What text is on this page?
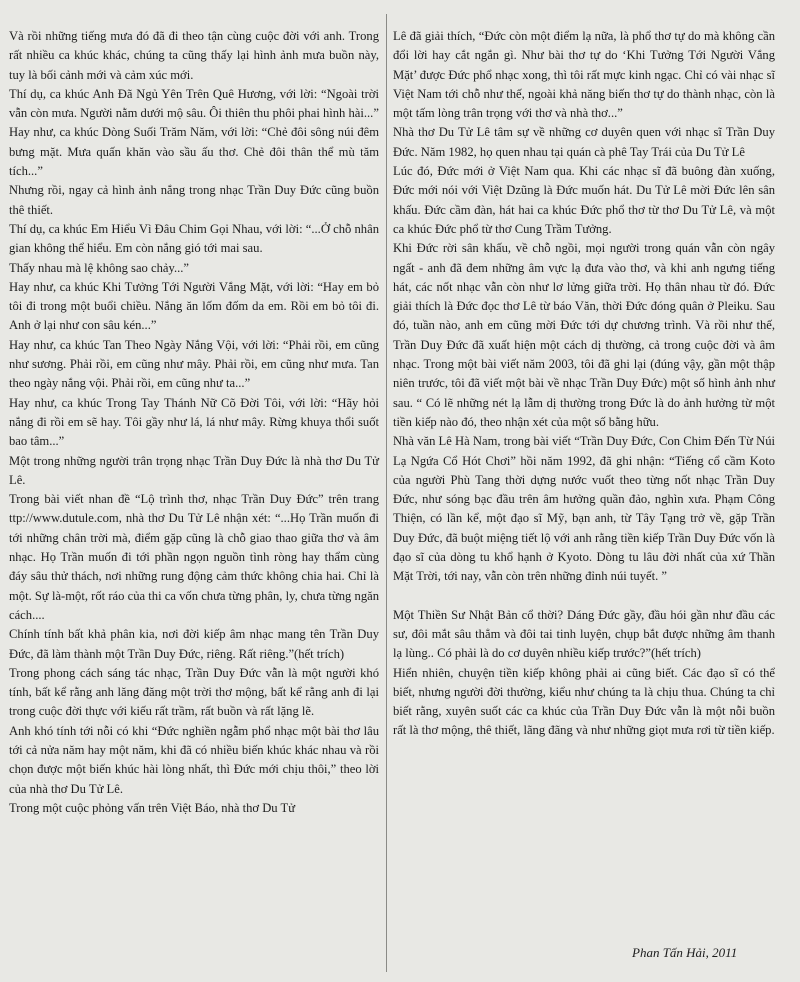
Và rồi những tiếng mưa đó đã đi theo tận cùng cuộc đời với anh. Trong rất nhiều ca khúc khác, chúng ta cũng thấy lại hình ảnh mưa buồn này, tuy là bối cảnh mới và cảm xúc mới.

Thí dụ, ca khúc Anh Đã Ngủ Yên Trên Quê Hương, với lời: “Ngoài trời vẫn còn mưa. Người nằm dưới mộ sâu. Ôi thiên thu phôi phai hình hài...”

Hay như, ca khúc Dòng Suối Trăm Năm, với lời: “Chẻ đôi sông núi đêm bưng mặt. Mưa quấn khăn vào sầu ấu thơ. Chẻ đôi thân thể mù tăm tích...”

Nhưng rồi, ngay cả hình ảnh nắng trong nhạc Trần Duy Đức cũng buồn thê thiết.

Thí dụ, ca khúc Em Hiểu Vì Đâu Chim Gọi Nhau, với lời: “...Ở chỗ nhân gian không thể hiểu. Em còn nắng gió tới mai sau.

Thấy nhau mà lệ không sao chảy...”

Hay như, ca khúc Khi Tưởng Tới Người Vắng Mặt, với lời: “Hay em bỏ tôi đi trong một buổi chiều. Nắng ăn lốm đốm da em. Rồi em bỏ tôi đi. Anh ở lại như con sâu kén...”

Hay như, ca khúc Tan Theo Ngày Nắng Vội, với lời: “Phải rồi, em cũng như sương. Phải rồi, em cũng như mây. Phải rồi, em cũng như mưa. Tan theo ngày nắng vội. Phải rồi, em cũng như ta...”

Hay như, ca khúc Trong Tay Thánh Nữ Cõ Đời Tôi, với lời: “Hãy hỏi nắng đi rồi em sẽ hay. Tôi gầy như lá, lá như mây. Rừng khuya thổi suốt bao tâm...”

Một trong những người trân trọng nhạc Trần Duy Đức là nhà thơ Du Tử Lê.

Trong bài viết nhan đề “Lộ trình thơ, nhạc Trần Duy Đức” trên trang ttp://www.dutule.com, nhà thơ Du Tử Lê nhận xét: “...Họ Trần muốn đi tới những chân trời mà, điểm gặp cũng là chỗ giao thao giữa thơ và âm nhạc. Họ Trần muốn đi tới phần ngọn nguồn tình ròng hay thẩm cùng đáy sâu thử thách, nơi những rung động cảm thức không chia hai. Chỉ là một. Sự là-một, rốt ráo của thi ca vốn chưa từng phân, ly, chưa từng ngăn cách....

Chính tính bất khả phân kia, nơi đời kiếp âm nhạc mang tên Trần Duy Đức, đã làm thành một Trần Duy Đức, riêng. Rất riêng.”(hết trích)

Trong phong cách sáng tác nhạc, Trần Duy Đức vẫn là một người khó tính, bất kể rằng anh lăng đăng một trời thơ mộng, bất kể rằng anh đi lại trong cuộc đời thực với kiếu rất trầm, rất buồn và rất lặng lẽ.

Anh khó tính tới nỗi có khi “Đức nghiền ngẫm phổ nhạc một bài thơ lâu tới cả nửa năm hay một năm, khi đã có nhiều biến khúc khác nhau và rồi chọn được một biến khúc hài lòng nhất, thì Đức mới chịu thôi,” theo lời của nhà thơ Du Tử Lê.

Trong một cuộc phỏng vấn trên Việt Báo, nhà thơ Du Tử

Lê đã giải thích, “Đức còn một điểm lạ nữa, là phổ thơ tự do mà không cần đổi lời hay cắt ngắn gì. Như bài thơ tự do ‘Khi Tưởng Tới Người Vắng Mặt’ được Đức phổ nhạc xong, thì tôi rất mực kinh ngạc. Chỉ có vài nhạc sĩ Việt Nam tới chỗ như thế, ngoài khả năng biến thơ tự do thành nhạc, còn là một tấm lòng trân trọng với thơ và nhà thơ...”

Nhà thơ Du Tử Lê tâm sự về những cơ duyên quen với nhạc sĩ Trần Duy Đức. Năm 1982, họ quen nhau tại quán cà phê Tay Trái của Du Tử Lê

Lúc đó, Đức mới ở Việt Nam qua. Khi các nhạc sĩ đã buông đàn xuống, Đức mới nói với Việt Dzũng là Đức muốn hát. Du Tử Lê mời Đức lên sân khấu. Đức cầm đàn, hát hai ca khúc Đức phổ thơ từ thơ Du Tử Lê, và một ca khúc Đức phổ từ thơ Cung Trầm Tưởng.

Khi Đức rời sân khấu, về chỗ ngồi, mọi người trong quán vẫn còn ngây ngất - anh đã đem những âm vực lạ đưa vào thơ, và khi anh ngưng tiếng hát, các nốt nhạc vẫn còn như lơ lửng giữa trời. Họ thân nhau từ đó. Đức giải thích là Đức đọc thơ Lê từ báo Văn, thời Đức đóng quân ở Pleiku. Sau đó, tuần nào, anh em cũng mời Đức tới dự chương trình. Và rồi như thế, Trần Duy Đức đã xuất hiện một cách dị thường, cả trong cuộc đời và âm nhạc. Trong một bài viết năm 2003, tôi đã ghi lại (đúng vậy, gần một thập niên trước, tôi đã viết một bài về nhạc Trần Duy Đức) một số hình ảnh như sau. “ Có lẽ những nét lạ lẫm dị thường trong Đức là do ảnh hưởng từ một tiền kiếp nào đó, theo nhận xét của một số bằng hữu.

Nhà văn Lê Hà Nam, trong bài viết “Trần Duy Đức, Con Chim Đến Từ Núi Lạ Ngứa Cổ Hót Chơi” hồi năm 1992, đã ghi nhận: “Tiếng cổ cầm Koto của người Phù Tang thời dựng nước vuốt theo từng nốt nhạc Trần Duy Đức, như sóng bạc đầu trên âm hưởng quần đảo, nghìn xưa. Phạm Công Thiện, có lần kể, một đạo sĩ Mỹ, bạn anh, từ Tây Tạng trở về, gặp Trần Duy Đức, đã buột miệng tiết lộ với anh rằng tiền kiếp Trần Duy Đức vốn là đạo sĩ của dòng tu khổ hạnh ở Kyoto. Dòng tu lâu đời nhất của xứ Thần Mặt Trời, tới nay, vẫn còn trên những đỉnh núi tuyết. ”

Một Thiền Sư Nhật Bản cổ thời? Dáng Đức gầy, đầu hói gần như đầu các sư, đôi mắt sâu thẳm và đôi tai tinh luyện, chụp bắt được những âm thanh lạ lùng.. Có phải là do cơ duyên nhiều kiếp trước?”(hết trích)

Hiển nhiên, chuyện tiền kiếp không phải ai cũng biết. Các đạo sĩ có thể biết, nhưng người đời thường, kiểu như chúng ta là chịu thua. Chúng ta chỉ biết rằng, xuyên suốt các ca khúc của Trần Duy Đức vẫn là một nỗi buồn rất là thơ mộng, thê thiết, lãng đãng và như những giọt mưa rơi từ tiền kiếp.

Phan Tấn Hải, 2011
